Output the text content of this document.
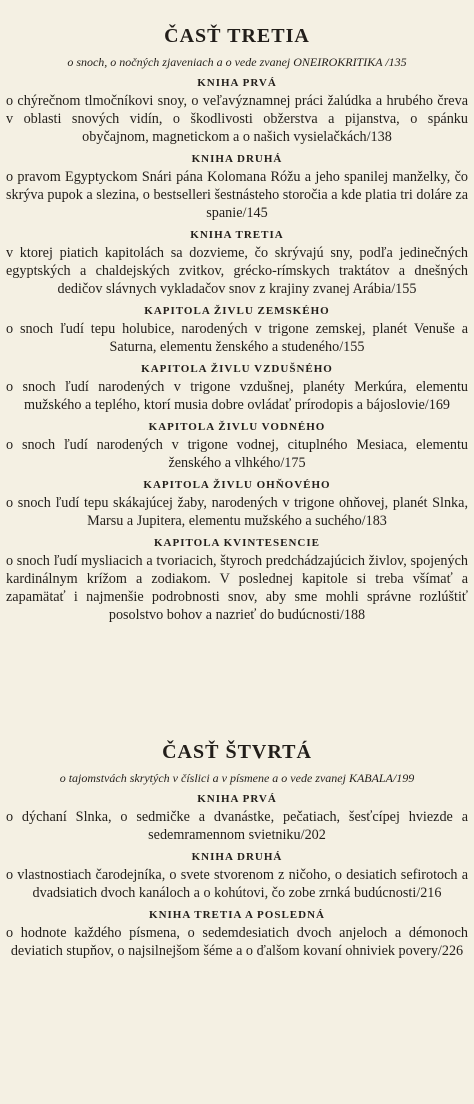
ČASŤ TRETIA

o snoch, o nočných zjaveniach a o vede zvanej ONEIROKRITIKA /135

KNIHA PRVÁ

o chýrečnom tlmočníkovi snoy, o veľavýznamnej práci žalúdka a hrubého čreva v oblasti snových vidín, o škodlivosti obžerstva a pijanstva, o spánku obyčajnom, magnetickom a o našich vysielačkách/138

KNIHA DRUHÁ

o pravom Egyptyckom Snári pána Kolomana Róžu a jeho spanilej manželky, čo skrýva pupok a slezina, o bestselleri šestnásteho storočia a kde platia tri doláre za spanie/145

KNIHA TRETIA

v ktorej piatich kapitolách sa dozvieme, čo skrývajú sny, podľa jedinečných egyptských a chaldejských zvitkov, grécko-rímskych traktátov a dnešných dedičov slávnych vykladačov snov z krajiny zvanej Arábia/155

KAPITOLA ŽIVLU ZEMSKÉHO

o snoch ľudí tepu holubice, narodených v trigone zemskej, planét Venuše a Saturna, elementu ženského a studeného/155

KAPITOLA ŽIVLU VZDUŠNÉHO

o snoch ľudí narodených v trigone vzdušnej, planéty Merkúra, elementu mužského a teplého, ktorí musia dobre ovládať prírodopis a bájoslovie/169

KAPITOLA ŽIVLU VODNÉHO

o snoch ľudí narodených v trigone vodnej, cituplného Mesiaca, elementu ženského a vlhkého/175

KAPITOLA ŽIVLU OHŇOVÉHO

o snoch ľudí tepu skákajúcej žaby, narodených v trigone ohňovej, planét Slnka, Marsu a Jupitera, elementu mužského a suchého/183

KAPITOLA KVINTESENCIE

o snoch ľudí mysliacich a tvoriacich, štyroch predchádzajúcich živlov, spojených kardinálnym krížom a zodiakom. V poslednej kapitole si treba všímať a zapamätať i najmenšie podrobnosti snov, aby sme mohli správne rozlúštiť posolstvo bohov a nazrieť do budúcnosti/188

ČASŤ ŠTVRTÁ

o tajomstvách skrytých v číslici a v písmene a o vede zvanej KABALA/199

KNIHA PRVÁ

o dýchaní Slnka, o sedmičke a dvanástke, pečatiach, šesťcípej hviezde a sedemramennom svietniku/202

KNIHA DRUHÁ

o vlastnostiach čarodejníka, o svete stvorenom z ničoho, o desiatich sefirotoch a dvadsiatich dvoch kanáloch a o kohútovi, čo zobe zrnká budúcnosti/216

KNIHA TRETIA A POSLEDNÁ

o hodnote každého písmena, o sedemdesiatich dvoch anjeloch a démonoch deviatich stupňov, o najsilnejšom šéme a o ďalšom kovaní ohniviek povery/226
